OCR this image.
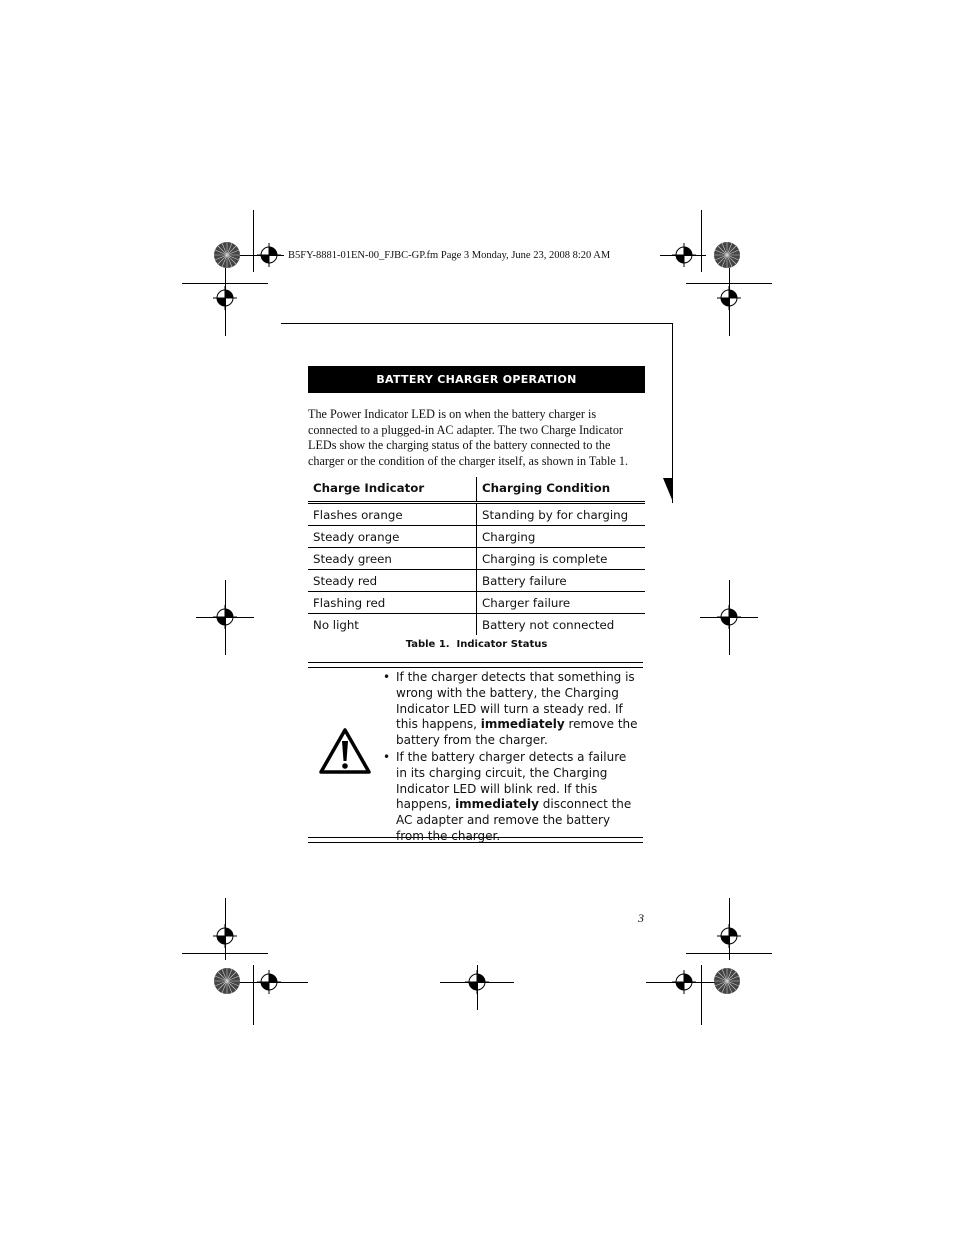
B5FY-8881-01EN-00_FJBC-GP.fm Page 3 Monday, June 23, 2008 8:20 AM
BATTERY CHARGER OPERATION

The Power Indicator LED is on when the battery charger is connected to a plugged-in AC adapter. The two Charge Indicator LEDs show the charging status of the battery connected to the charger or the condition of the charger itself, as shown in Table 1.

Charge Indicator	Charging Condition
Flashes orange	Standing by for charging
Steady orange	Charging
Steady green	Charging is complete
Steady red	Battery failure
Flashing red	Charger failure
No light	Battery not connected
Table 1. Indicator Status
• If the charger detects that something is wrong with the battery, the Charging Indicator LED will turn a steady red. If this happens, immediately remove the battery from the charger.
• If the battery charger detects a failure in its charging circuit, the Charging Indicator LED will blink red. If this happens, immediately disconnect the AC adapter and remove the battery from the charger.
3
